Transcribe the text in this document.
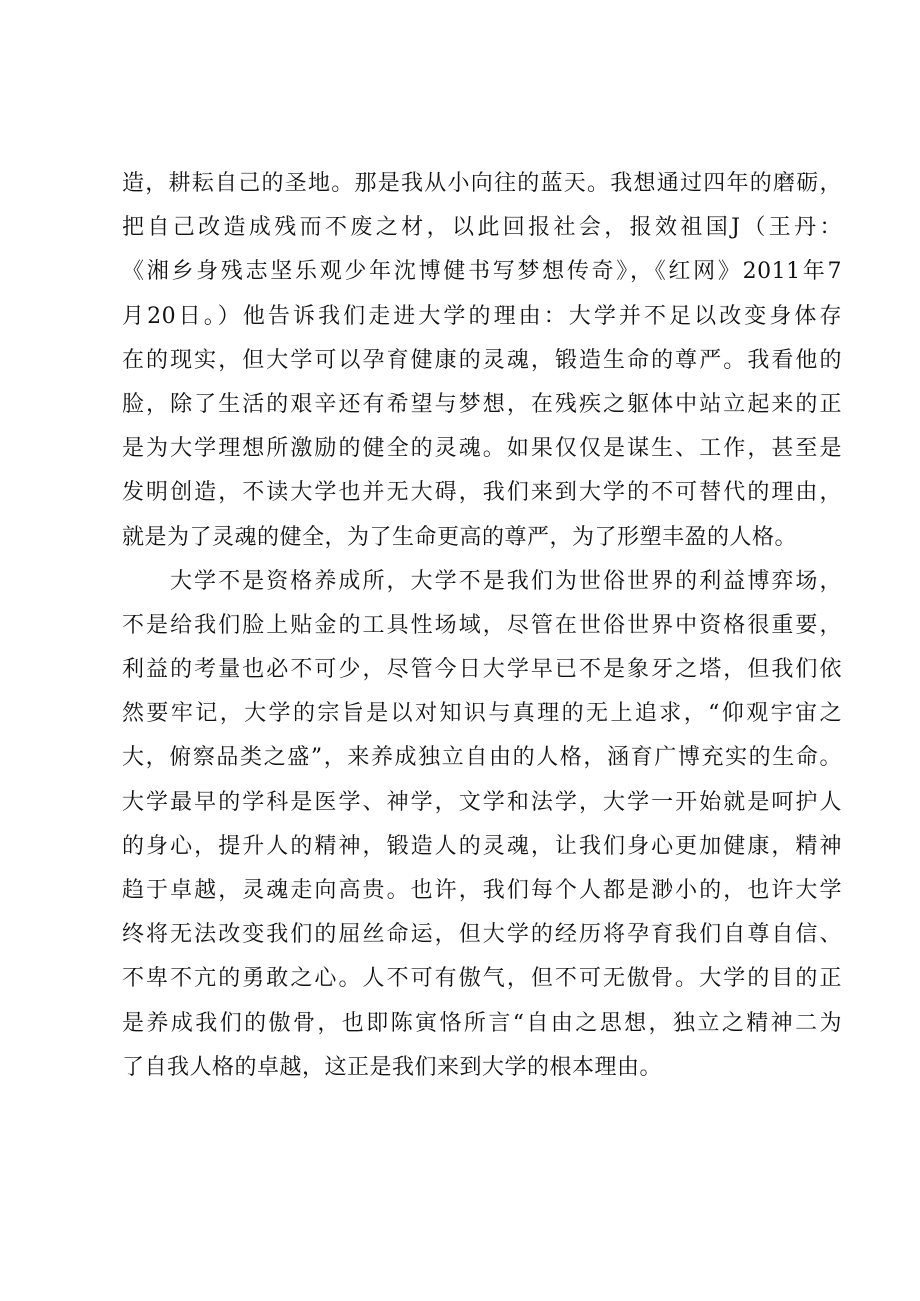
造，耕耘自己的圣地。那是我从小向往的蓝天。我想通过四年的磨砺，
把自己改造成残而不废之材，以此回报社会，报效祖国J（王丹：
《湘乡身残志坚乐观少年沈博健书写梦想传奇》，《红网》2011年7
月20日。）他告诉我们走进大学的理由：大学并不足以改变身体存
在的现实，但大学可以孕育健康的灵魂，锻造生命的尊严。我看他的
脸，除了生活的艰辛还有希望与梦想，在残疾之躯体中站立起来的正
是为大学理想所激励的健全的灵魂。如果仅仅是谋生、工作，甚至是
发明创造，不读大学也并无大碍，我们来到大学的不可替代的理由，
就是为了灵魂的健全，为了生命更高的尊严，为了形塑丰盈的人格。
大学不是资格养成所，大学不是我们为世俗世界的利益博弈场，
不是给我们脸上贴金的工具性场域，尽管在世俗世界中资格很重要，
利益的考量也必不可少，尽管今日大学早已不是象牙之塔，但我们依
然要牢记，大学的宗旨是以对知识与真理的无上追求，“仰观宇宙之
大，俯察品类之盛”，来养成独立自由的人格，涵育广博充实的生命。
大学最早的学科是医学、神学，文学和法学，大学一开始就是呵护人
的身心，提升人的精神，锻造人的灵魂，让我们身心更加健康，精神
趋于卓越，灵魂走向高贵。也许，我们每个人都是渺小的，也许大学
终将无法改变我们的屈丝命运，但大学的经历将孕育我们自尊自信、
不卑不亢的勇敢之心。人不可有傲气，但不可无傲骨。大学的目的正
是养成我们的傲骨，也即陈寅恪所言“自由之思想，独立之精神二为
了自我人格的卓越，这正是我们来到大学的根本理由。
